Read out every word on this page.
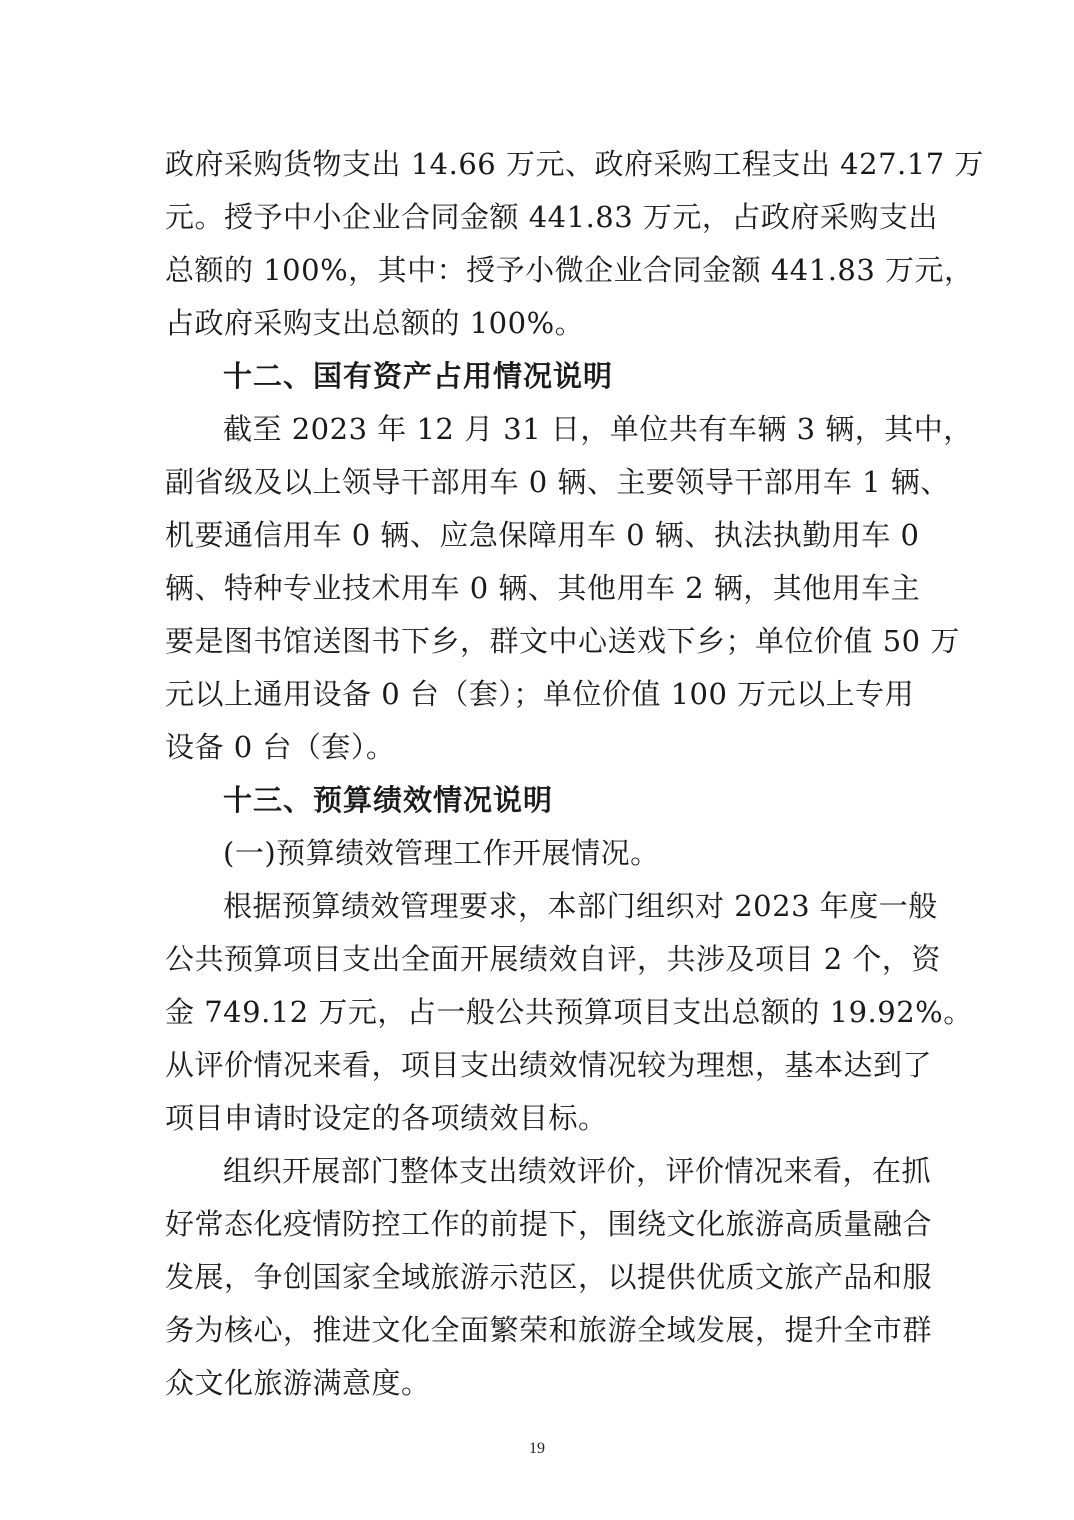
政府采购货物支出 14.66 万元、政府采购工程支出 427.17 万
元。授予中小企业合同金额 441.83 万元，占政府采购支出
总额的 100%，其中：授予小微企业合同金额 441.83 万元，
占政府采购支出总额的 100%。
十二、国有资产占用情况说明
截至 2023 年 12 月 31 日，单位共有车辆 3 辆，其中，
副省级及以上领导干部用车 0 辆、主要领导干部用车 1 辆、
机要通信用车 0 辆、应急保障用车 0 辆、执法执勤用车 0
辆、特种专业技术用车 0 辆、其他用车 2 辆，其他用车主
要是图书馆送图书下乡，群文中心送戏下乡；单位价值 50 万
元以上通用设备 0 台（套）；单位价值 100 万元以上专用
设备 0 台（套）。
十三、预算绩效情况说明
(一)预算绩效管理工作开展情况。
根据预算绩效管理要求，本部门组织对 2023 年度一般
公共预算项目支出全面开展绩效自评，共涉及项目 2 个，资
金 749.12 万元，占一般公共预算项目支出总额的 19.92%。
从评价情况来看，项目支出绩效情况较为理想，基本达到了
项目申请时设定的各项绩效目标。
组织开展部门整体支出绩效评价，评价情况来看，在抓
好常态化疫情防控工作的前提下，围绕文化旅游高质量融合
发展，争创国家全域旅游示范区，以提供优质文旅产品和服
务为核心，推进文化全面繁荣和旅游全域发展，提升全市群
众文化旅游满意度。
19
